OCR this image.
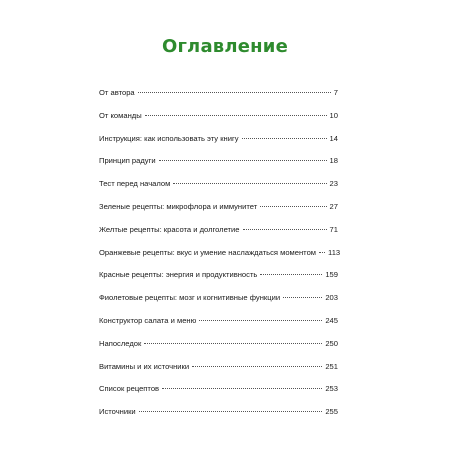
Оглавление
От автора	7
От команды	10
Инструкция: как использовать эту книгу	14
Принцип радуги	18
Тест перед началом	23
Зеленые рецепты: микрофлора и иммунитет	27
Желтые рецепты: красота и долголетие	71
Оранжевые рецепты: вкус и умение наслаждаться моментом 113
Красные рецепты: энергия и продуктивность	159
Фиолетовые рецепты: мозг и когнитивные функции	203
Конструктор салата и меню	245
Напоследок	250
Витамины и их источники	251
Список рецептов	253
Источники	255
